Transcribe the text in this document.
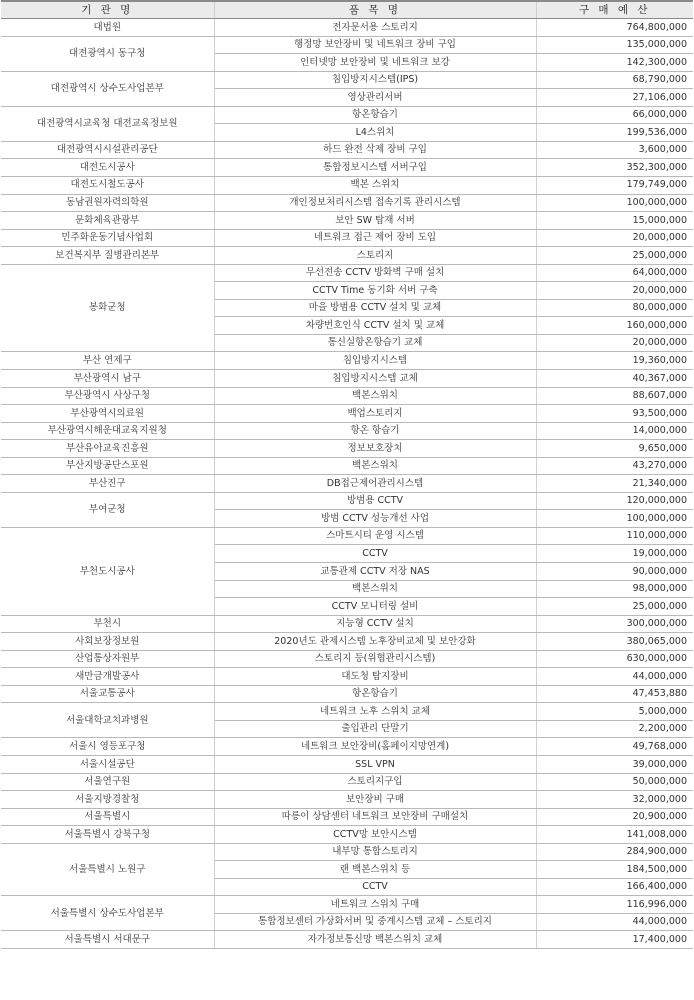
기 관 명	품 목 명	구 매 예 산
대법원	전자문서용 스토리지	764,800,000
대전광역시 동구청	행정망 보안장비 및 네트워크 장비 구입	135,000,000
	인터넷망 보안장비 및 네트워크 보강	142,300,000
대전광역시 상수도사업본부	침입방지시스템(IPS)	68,790,000
	영상관리서버	27,106,000
대전광역시교육청 대전교육정보원	항온항습기	66,000,000
	L4스위치	199,536,000
대전광역시시설관리공단	하드 완전 삭제 장비 구입	3,600,000
대전도시공사	통합정보시스템 서버구입	352,300,000
대전도시철도공사	백본 스위치	179,749,000
동남권원자력의학원	개인정보처리시스템 접속기록 관리시스템	100,000,000
문화체육관광부	보안 SW 탑재 서버	15,000,000
민주화운동기념사업회	네트워크 접근 제어 장비 도입	20,000,000
보건복지부 질병관리본부	스토리지	25,000,000
봉화군청	무선전송 CCTV 방화벽 구매 설치	64,000,000
	CCTV Time 동기화 서버 구축	20,000,000
	마을 방범용 CCTV 설치 및 교체	80,000,000
	차량번호인식 CCTV 설치 및 교체	160,000,000
	통신실항온항습기 교체	20,000,000
부산 연제구	침입방지시스템	19,360,000
부산광역시 남구	침입방지시스템 교체	40,367,000
부산광역시 사상구청	백본스위치	88,607,000
부산광역시의료원	백업스토리지	93,500,000
부산광역시해운대교육지원청	항온 항습기	14,000,000
부산유아교육진흥원	정보보호장치	9,650,000
부산지방공단스포원	백본스위치	43,270,000
부산진구	DB접근제어관리시스템	21,340,000
부여군청	방범용 CCTV	120,000,000
	방범 CCTV 성능개선 사업	100,000,000
부천도시공사	스마트시티 운영 시스템	110,000,000
	CCTV	19,000,000
	교통관제 CCTV 저장 NAS	90,000,000
	백본스위치	98,000,000
	CCTV 모니터링 설비	25,000,000
부천시	지능형 CCTV 설치	300,000,000
사회보장정보원	2020년도 관제시스템 노후장비교체 및 보안강화	380,065,000
산업통상자원부	스토리지 등(위협관리시스템)	630,000,000
새만금개발공사	대도청 탐지장비	44,000,000
서울교통공사	항온항습기	47,453,880
서울대학교치과병원	네트워크 노후 스위치 교체	5,000,000
	출입관리 단말기	2,200,000
서울시 영등포구청	네트워크 보안장비(홈페이지망연계)	49,768,000
서울시설공단	SSL VPN	39,000,000
서울연구원	스토리지구입	50,000,000
서울지방경찰청	보안장비 구매	32,000,000
서울특별시	따릉이 상담센터 네트워크 보안장비 구매설치	20,900,000
서울특별시 강북구청	CCTV망 보안시스템	141,008,000
서울특별시 노원구	내부망 통합스토리지	284,900,000
	랜 백본스위치 등	184,500,000
	CCTV	166,400,000
서울특별시 상수도사업본부	네트워크 스위치 구매	116,996,000
	통합정보센터 가상화서버 및 중계시스템 교체 – 스토리지	44,000,000
서울특별시 서대문구	자가정보통신망 백본스위치 교체	17,400,000
